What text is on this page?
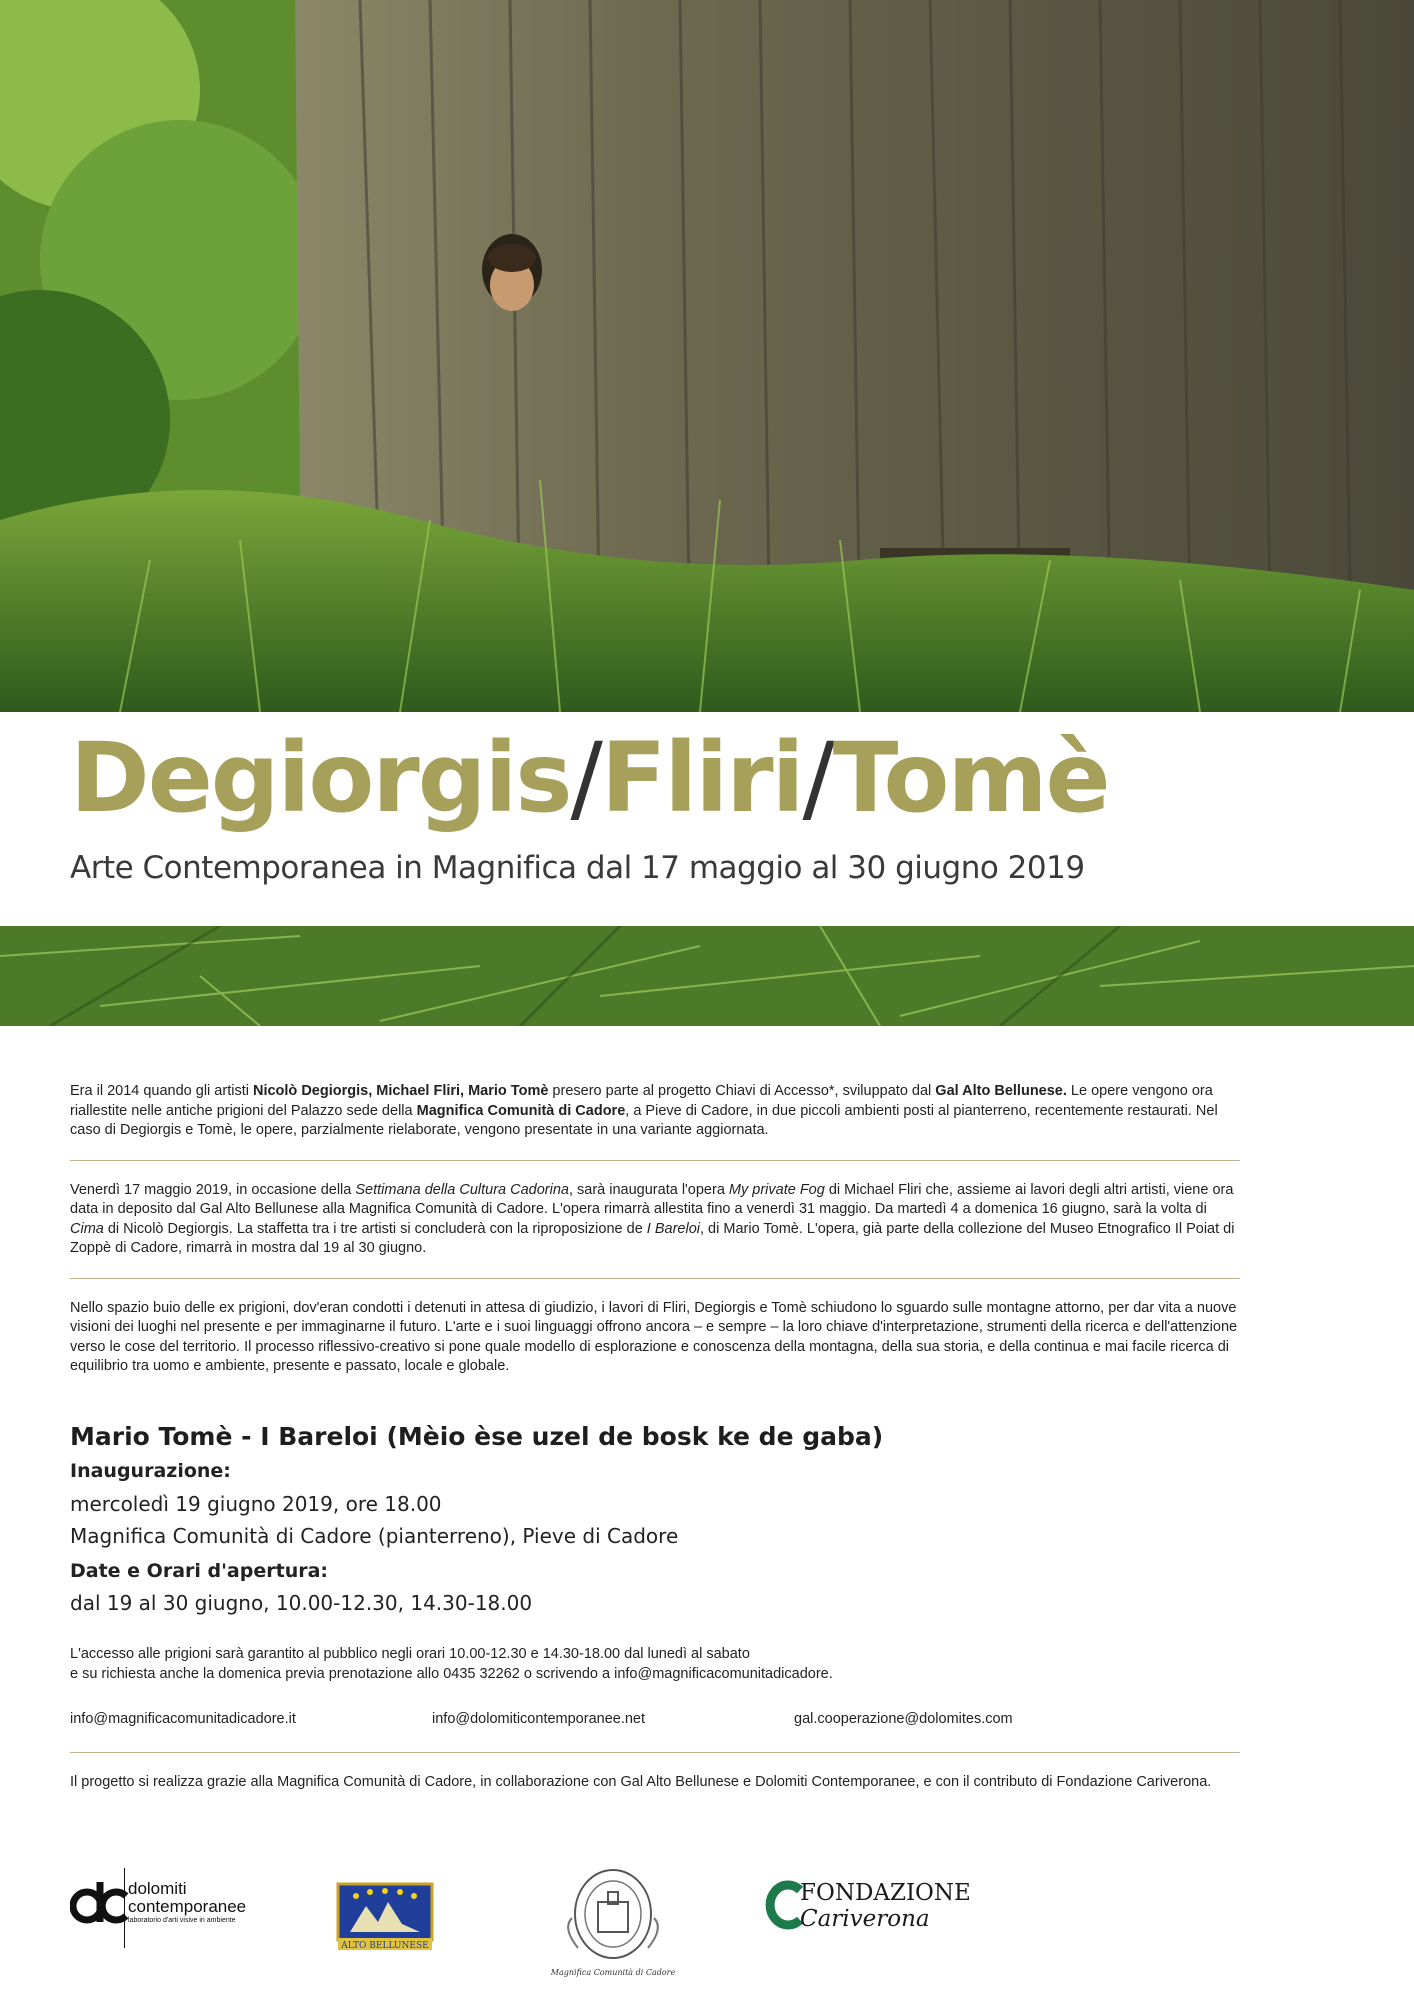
Degiorgis/Fliri/Tomè
Arte Contemporanea in Magnifica dal 17 maggio al 30 giugno 2019

Era il 2014 quando gli artisti Nicolò Degiorgis, Michael Fliri, Mario Tomè presero parte al progetto Chiavi di Accesso*, sviluppato dal Gal Alto Bellunese. Le opere vengono ora riallestite nelle antiche prigioni del Palazzo sede della Magnifica Comunità di Cadore, a Pieve di Cadore, in due piccoli ambienti posti al pianterreno, recentemente restaurati. Nel caso di Degiorgis e Tomè, le opere, parzialmente rielaborate, vengono presentate in una variante aggiornata.

Venerdì 17 maggio 2019, in occasione della Settimana della Cultura Cadorina, sarà inaugurata l'opera My private Fog di Michael Fliri che, assieme ai lavori degli altri artisti, viene ora data in deposito dal Gal Alto Bellunese alla Magnifica Comunità di Cadore. L'opera rimarrà allestita fino a venerdì 31 maggio. Da martedì 4 a domenica 16 giugno, sarà la volta di Cima di Nicolò Degiorgis. La staffetta tra i tre artisti si concluderà con la riproposizione de I Bareloi, di Mario Tomè. L'opera, già parte della collezione del Museo Etnografico Il Poiat di Zoppè di Cadore, rimarrà in mostra dal 19 al 30 giugno.

Nello spazio buio delle ex prigioni, dov'eran condotti i detenuti in attesa di giudizio, i lavori di Fliri, Degiorgis e Tomè schiudono lo sguardo sulle montagne attorno, per dar vita a nuove visioni dei luoghi nel presente e per immaginarne il futuro. L'arte e i suoi linguaggi offrono ancora – e sempre – la loro chiave d'interpretazione, strumenti della ricerca e dell'attenzione verso le cose del territorio. Il processo riflessivo-creativo si pone quale modello di esplorazione e conoscenza della montagna, della sua storia, e della continua e mai facile ricerca di equilibrio tra uomo e ambiente, presente e passato, locale e globale.

Mario Tomè - I Bareloi (Mèio èse uzel de bosk ke de gaba)
Inaugurazione:

mercoledì 19 giugno 2019, ore 18.00

Magnifica Comunità di Cadore (pianterreno), Pieve di Cadore

Date e Orari d'apertura:

dal 19 al 30 giugno, 10.00-12.30, 14.30-18.00

L'accesso alle prigioni sarà garantito al pubblico negli orari 10.00-12.30 e 14.30-18.00 dal lunedì al sabato

e su richiesta anche la domenica previa prenotazione allo 0435 32262 o scrivendo a info@magnificacomunitadicadore.

info@magnificacomunitadicadore.it	info@dolomiticontemporanee.net	gal.cooperazione@dolomites.com

Il progetto si realizza grazie alla Magnifica Comunità di Cadore, in collaborazione con Gal Alto Bellunese e Dolomiti Contemporanee, e con il contributo di Fondazione Cariverona.

dolomiti
contemporanee
laboratorio d'arti visive in ambiente
ALTO BELLUNESE
Magnifica Comunità di Cadore
FONDAZIONE
Cariverona
